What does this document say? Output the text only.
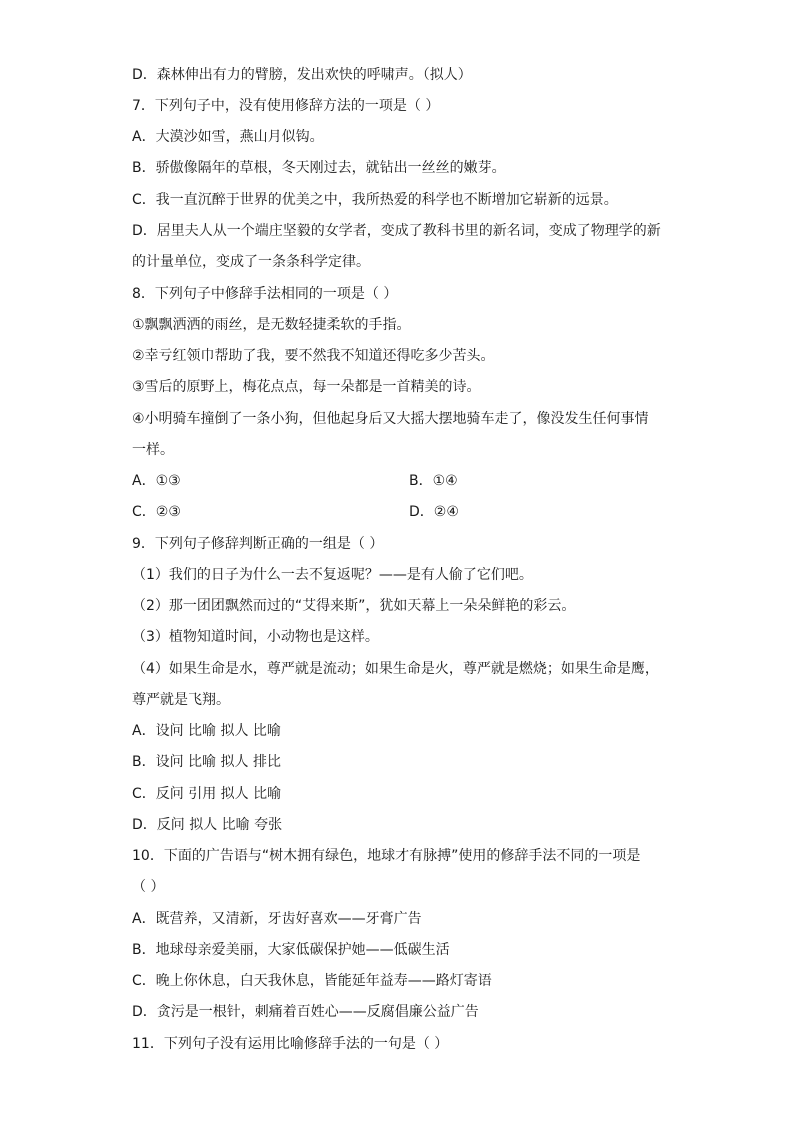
D．森林伸出有力的臂膀，发出欢快的呼啸声。（拟人）
7．下列句子中，没有使用修辞方法的一项是（ ）
A．大漠沙如雪，燕山月似钩。
B．骄傲像隔年的草根，冬天刚过去，就钻出一丝丝的嫩芽。
C．我一直沉醉于世界的优美之中，我所热爱的科学也不断增加它崭新的远景。
D．居里夫人从一个端庄坚毅的女学者，变成了教科书里的新名词，变成了物理学的新
的计量单位，变成了一条条科学定律。
8．下列句子中修辞手法相同的一项是（ ）
①飘飘洒洒的雨丝，是无数轻捷柔软的手指。
②幸亏红领巾帮助了我，要不然我不知道还得吃多少苦头。
③雪后的原野上，梅花点点，每一朵都是一首精美的诗。
④小明骑车撞倒了一条小狗，但他起身后又大摇大摆地骑车走了，像没发生任何事情
一样。
A．①③	B．①④
C．②③	D．②④
9．下列句子修辞判断正确的一组是（ ）
（1）我们的日子为什么一去不复返呢？——是有人偷了它们吧。
（2）那一团团飘然而过的“艾得来斯”，犹如天幕上一朵朵鲜艳的彩云。
（3）植物知道时间，小动物也是这样。
（4）如果生命是水，尊严就是流动；如果生命是火，尊严就是燃烧；如果生命是鹰，
尊严就是飞翔。
A．设问 比喻 拟人 比喻
B．设问 比喻 拟人 排比
C．反问 引用 拟人 比喻
D．反问 拟人 比喻 夸张
10．下面的广告语与“树木拥有绿色，地球才有脉搏”使用的修辞手法不同的一项是
（ ）
A．既营养，又清新，牙齿好喜欢——牙膏广告
B．地球母亲爱美丽，大家低碳保护她——低碳生活
C．晚上你休息，白天我休息，皆能延年益寿——路灯寄语
D．贪污是一根针，刺痛着百姓心——反腐倡廉公益广告
11．下列句子没有运用比喻修辞手法的一句是（ ）
